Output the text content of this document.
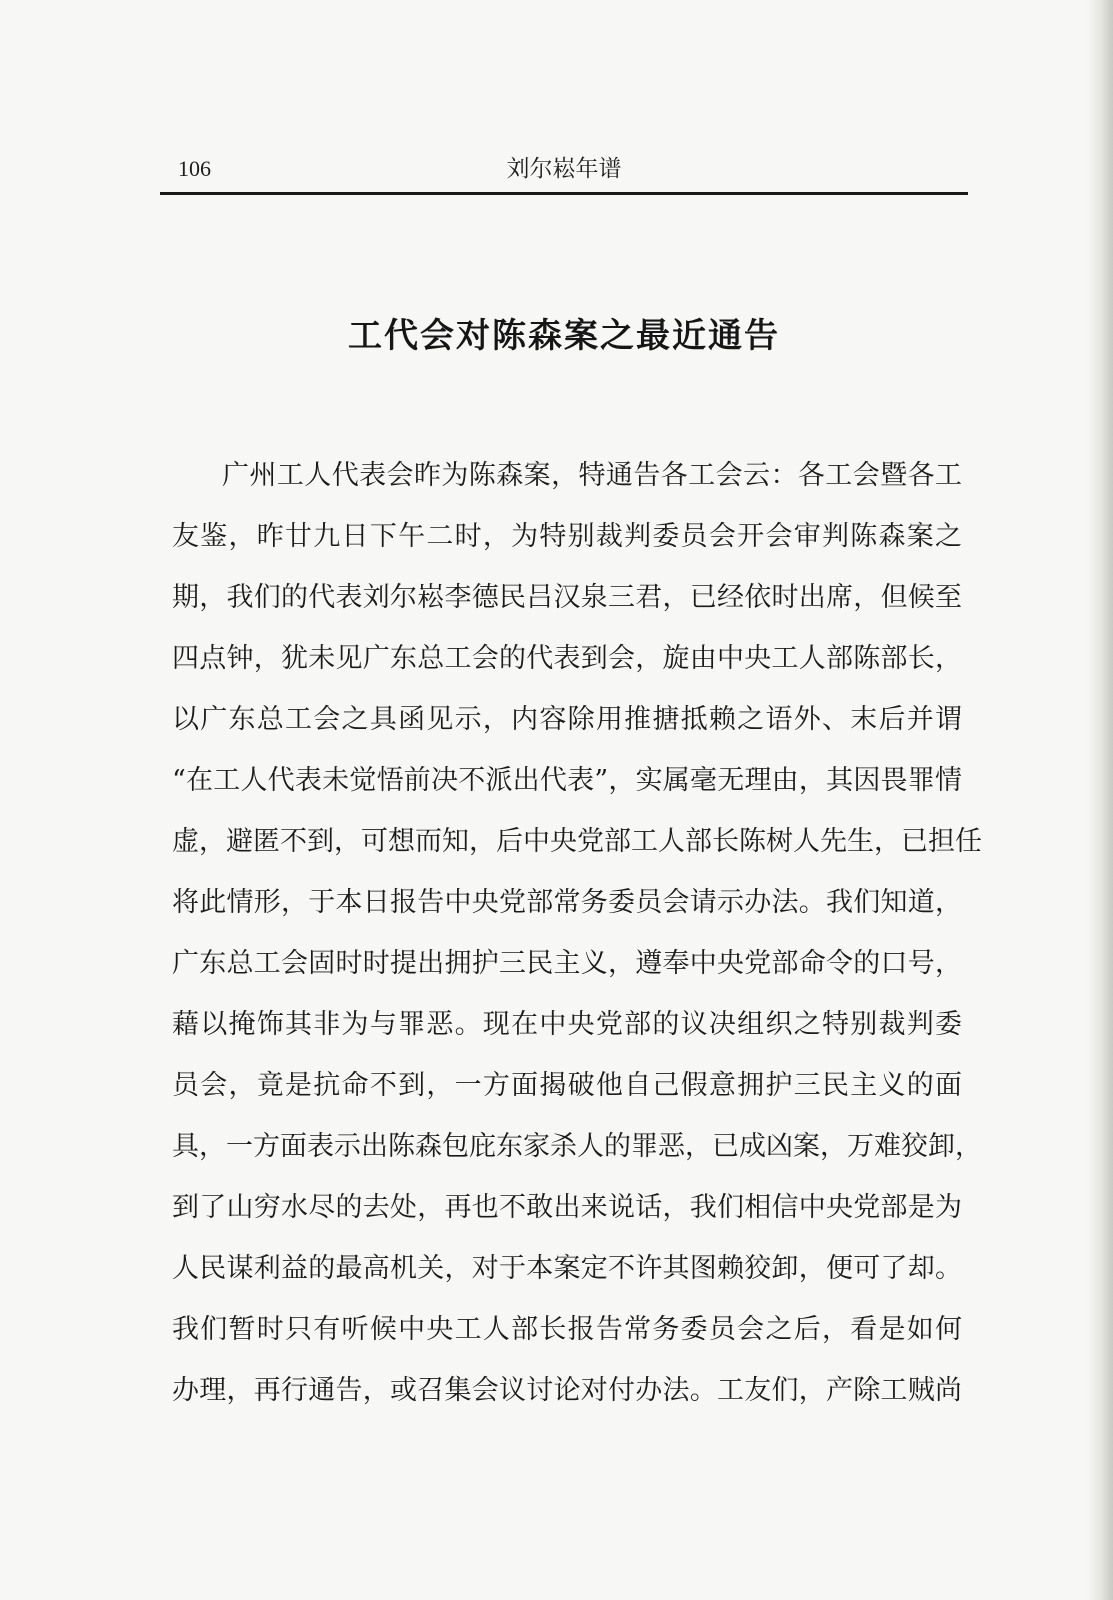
106	刘尔崧年谱
工代会对陈森案之最近通告
广州工人代表会昨为陈森案，特通告各工会云：各工会暨各工
友鉴，昨廿九日下午二时，为特别裁判委员会开会审判陈森案之
期，我们的代表刘尔崧李德民吕汉泉三君，已经依时出席，但候至
四点钟，犹未见广东总工会的代表到会，旋由中央工人部陈部长，
以广东总工会之具函见示，内容除用推搪抵赖之语外、末后并谓
“在工人代表未觉悟前决不派出代表”，实属毫无理由，其因畏罪情
虚，避匿不到，可想而知，后中央党部工人部长陈树人先生，已担任
将此情形，于本日报告中央党部常务委员会请示办法。我们知道，
广东总工会固时时提出拥护三民主义，遵奉中央党部命令的口号，
藉以掩饰其非为与罪恶。现在中央党部的议决组织之特别裁判委
员会，竟是抗命不到，一方面揭破他自己假意拥护三民主义的面
具，一方面表示出陈森包庇东家杀人的罪恶，已成凶案，万难狡卸，
到了山穷水尽的去处，再也不敢出来说话，我们相信中央党部是为
人民谋利益的最高机关，对于本案定不许其图赖狡卸，便可了却。
我们暂时只有听候中央工人部长报告常务委员会之后，看是如何
办理，再行通告，或召集会议讨论对付办法。工友们，产除工贼尚
